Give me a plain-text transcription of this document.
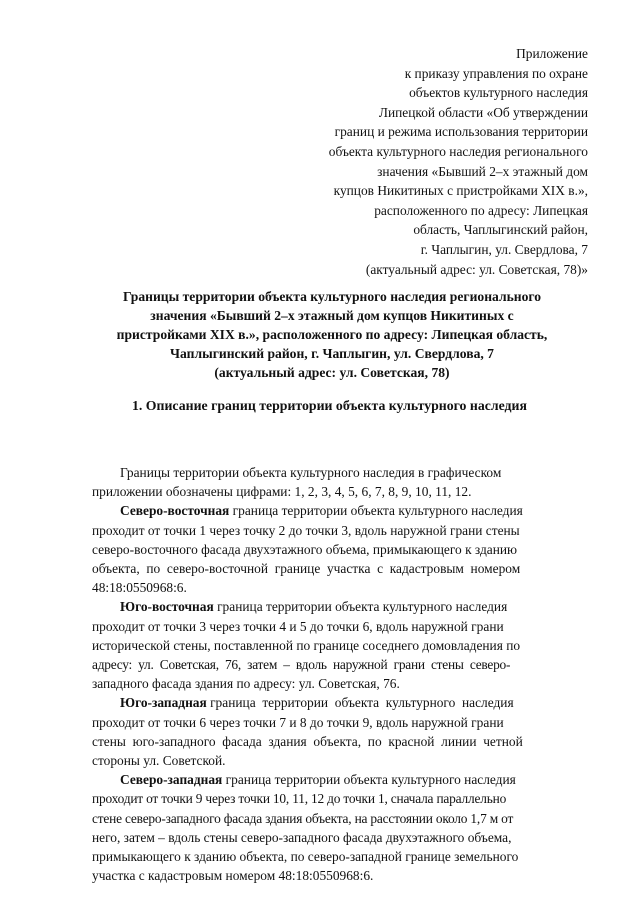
Приложение
к приказу управления по охране
объектов культурного наследия
Липецкой области «Об утверждении
границ и режима использования территории
объекта культурного наследия регионального
значения «Бывший 2–х этажный дом
купцов Никитиных с пристройками XIX в.»,
расположенного по адресу: Липецкая
область, Чаплыгинский район,
г. Чаплыгин, ул. Свердлова, 7
(актуальный адрес: ул. Советская, 78)»
Границы территории объекта культурного наследия регионального
значения «Бывший 2–х этажный дом купцов Никитиных с
пристройками XIX в.», расположенного по адресу: Липецкая область,
Чаплыгинский район, г. Чаплыгин, ул. Свердлова, 7
(актуальный адрес: ул. Советская, 78)
1. Описание границ территории объекта культурного наследия
Границы территории объекта культурного наследия в графическом
приложении обозначены цифрами: 1, 2, 3, 4, 5, 6, 7, 8, 9, 10, 11, 12.
Северо-восточная граница территории объекта культурного наследия
проходит от точки 1 через точку 2 до точки 3, вдоль наружной грани стены
северо-восточного фасада двухэтажного объема, примыкающего к зданию
объекта,  по  северо-восточной  границе  участка  с  кадастровым  номером
48:18:0550968:6.
Юго-восточная граница территории объекта культурного наследия
проходит от точки 3 через точки 4 и 5 до точки 6, вдоль наружной грани
исторической стены, поставленной по границе соседнего домовладения по
адресу:  ул.  Советская,  76,  затем  –  вдоль  наружной  грани  стены  северо-
западного фасада здания по адресу: ул. Советская, 76.
Юго-западная граница  территории  объекта  культурного  наследия
проходит от точки 6 через точки 7 и 8 до точки 9, вдоль наружной грани
стены  юго-западного  фасада  здания  объекта,  по  красной  линии  четной
стороны ул. Советской.
Северо-западная граница территории объекта культурного наследия
проходит от точки 9 через точки 10, 11, 12 до точки 1, сначала параллельно
стене северо-западного фасада здания объекта, на расстоянии около 1,7 м от
него, затем – вдоль стены северо-западного фасада двухэтажного объема,
примыкающего к зданию объекта, по северо-западной границе земельного
участка с кадастровым номером 48:18:0550968:6.
